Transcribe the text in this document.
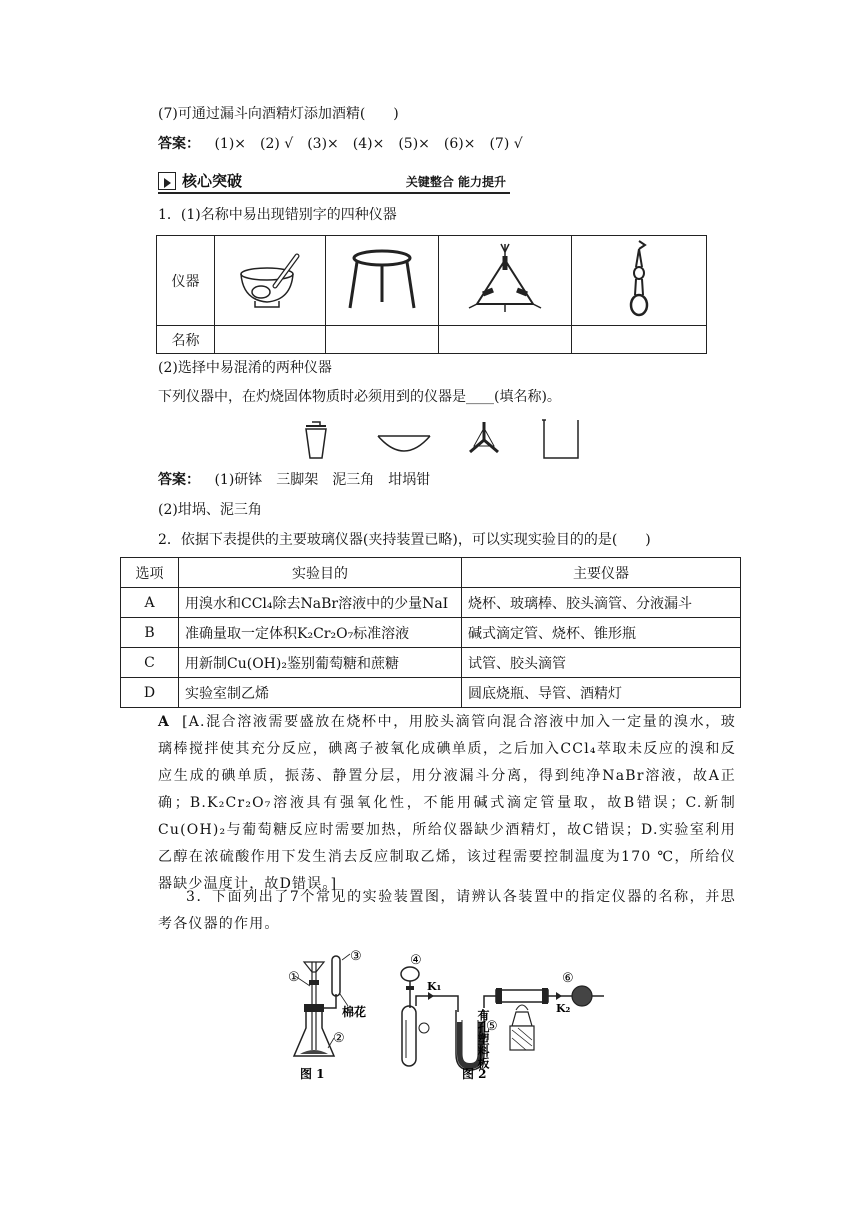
(7)可通过漏斗向酒精灯添加酒精(　　)
答案： (1)×　(2) √　(3)×　(4)×　(5)×　(6)×　(7) √
核心突破	关键整合 能力提升
1．(1)名称中易出现错别字的四种仪器
仪器				
名称				
(2)选择中易混淆的两种仪器
下列仪器中，在灼烧固体物质时必须用到的仪器是____(填名称)。
答案： (1)研钵　三脚架　泥三角　坩埚钳
(2)坩埚、泥三角
2．依据下表提供的主要玻璃仪器(夹持装置已略)，可以实现实验目的的是(　　)
选项	实验目的	主要仪器
A	用溴水和CCl₄除去NaBr溶液中的少量NaI	烧杯、玻璃棒、胶头滴管、分液漏斗
B	准确量取一定体积K₂Cr₂O₇标准溶液	碱式滴定管、烧杯、锥形瓶
C	用新制Cu(OH)₂鉴别葡萄糖和蔗糖	试管、胶头滴管
D	实验室制乙烯	圆底烧瓶、导管、酒精灯
A [A.混合溶液需要盛放在烧杯中，用胶头滴管向混合溶液中加入一定量的溴水，玻璃棒搅拌使其充分反应，碘离子被氧化成碘单质，之后加入CCl₄萃取未反应的溴和反应生成的碘单质，振荡、静置分层，用分液漏斗分离，得到纯净NaBr溶液，故A正确；B.K₂Cr₂O₇溶液具有强氧化性，不能用碱式滴定管量取，故B错误；C.新制Cu(OH)₂与葡萄糖反应时需要加热，所给仪器缺少酒精灯，故C错误；D.实验室利用乙醇在浓硫酸作用下发生消去反应制取乙烯，该过程需要控制温度为170 ℃，所给仪器缺少温度计，故D错误。]
3．下面列出了7个常见的实验装置图，请辨认各装置中的指定仪器的名称，并思考各仪器的作用。
①
③
棉花
②
图 1
④
K₁
有孔塑料板
⑤
K₂
⑥
图 2
